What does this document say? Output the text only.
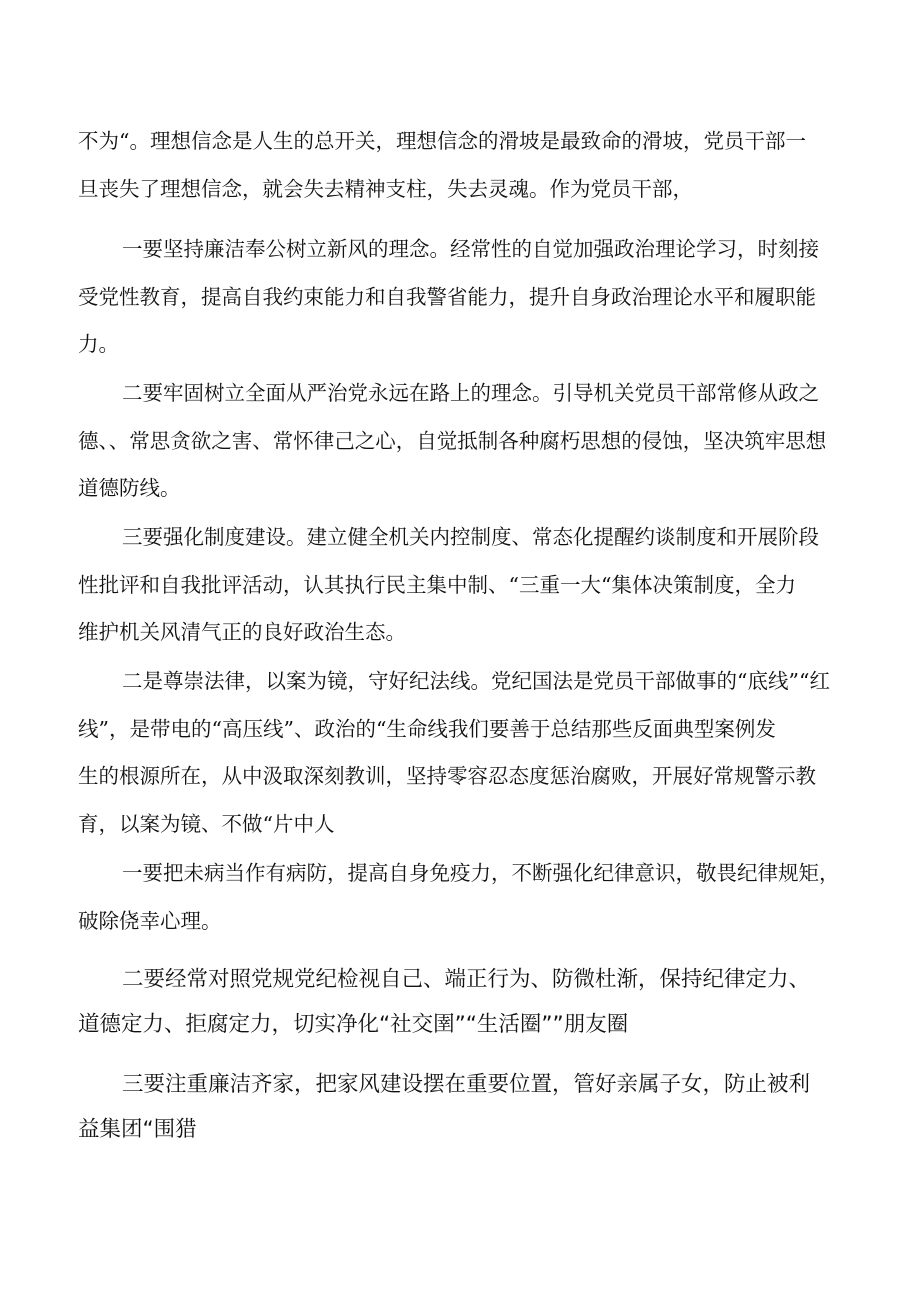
不为“。理想信念是人生的总开关，理想信念的滑坡是最致命的滑坡，党员干部一
旦丧失了理想信念，就会失去精神支柱，失去灵魂。作为党员干部，

一要坚持廉洁奉公树立新风的理念。经常性的自觉加强政治理论学习，时刻接
受党性教育，提高自我约束能力和自我警省能力，提升自身政治理论水平和履职能
力。

二要牢固树立全面从严治党永远在路上的理念。引导机关党员干部常修从政之
德、、常思贪欲之害、常怀律己之心，自觉抵制各种腐朽思想的侵蚀，坚决筑牢思想
道德防线。

三要强化制度建设。建立健全机关内控制度、常态化提醒约谈制度和开展阶段
性批评和自我批评活动，认其执行民主集中制、“三重一大“集体决策制度，全力
维护机关风清气正的良好政治生态。

二是尊崇法律，以案为镜，守好纪法线。党纪国法是党员干部做事的“底线”“红
线”，是带电的“高压线”、政治的“生命线我们要善于总结那些反面典型案例发
生的根源所在，从中汲取深刻教训，坚持零容忍态度惩治腐败，开展好常规警示教
育，以案为镜、不做“片中人

一要把未病当作有病防，提高自身免疫力，不断强化纪律意识，敬畏纪律规矩，
破除侥幸心理。

二要经常对照党规党纪检视自己、端正行为、防微杜渐，保持纪律定力、
道德定力、拒腐定力，切实净化“社交圉”“生活圈””朋友圈

三要注重廉洁齐家，把家风建设摆在重要位置，管好亲属子女，防止被利
益集团“围猎
